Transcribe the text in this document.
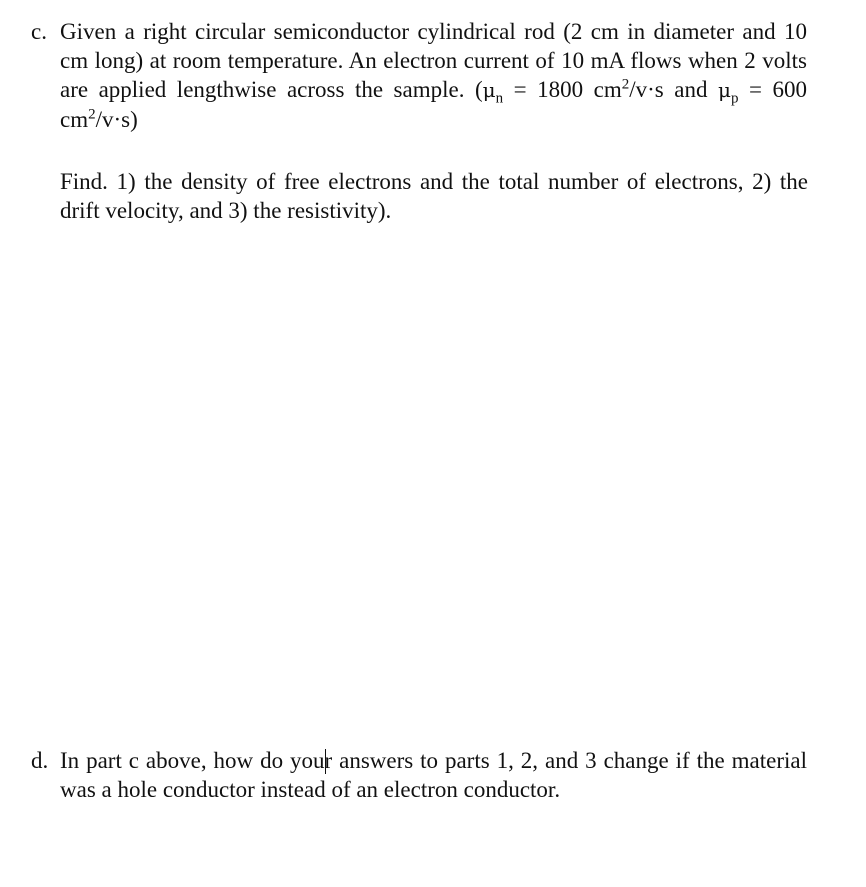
c. Given a right circular semiconductor cylindrical rod (2 cm in diameter and 10 cm long) at room temperature. An electron current of 10 mA flows when 2 volts are applied lengthwise across the sample. ($\mu_n = 1800$ $cm^2/v\cdot s$ and $\mu_p = 600$ $cm^2/v\cdot s$)

Find. 1) the density of free electrons and the total number of electrons, 2) the drift velocity, and 3) the resistivity).

d. In part c above, how do your answers to parts 1, 2, and 3 change if the material was a hole conductor instead of an electron conductor.
